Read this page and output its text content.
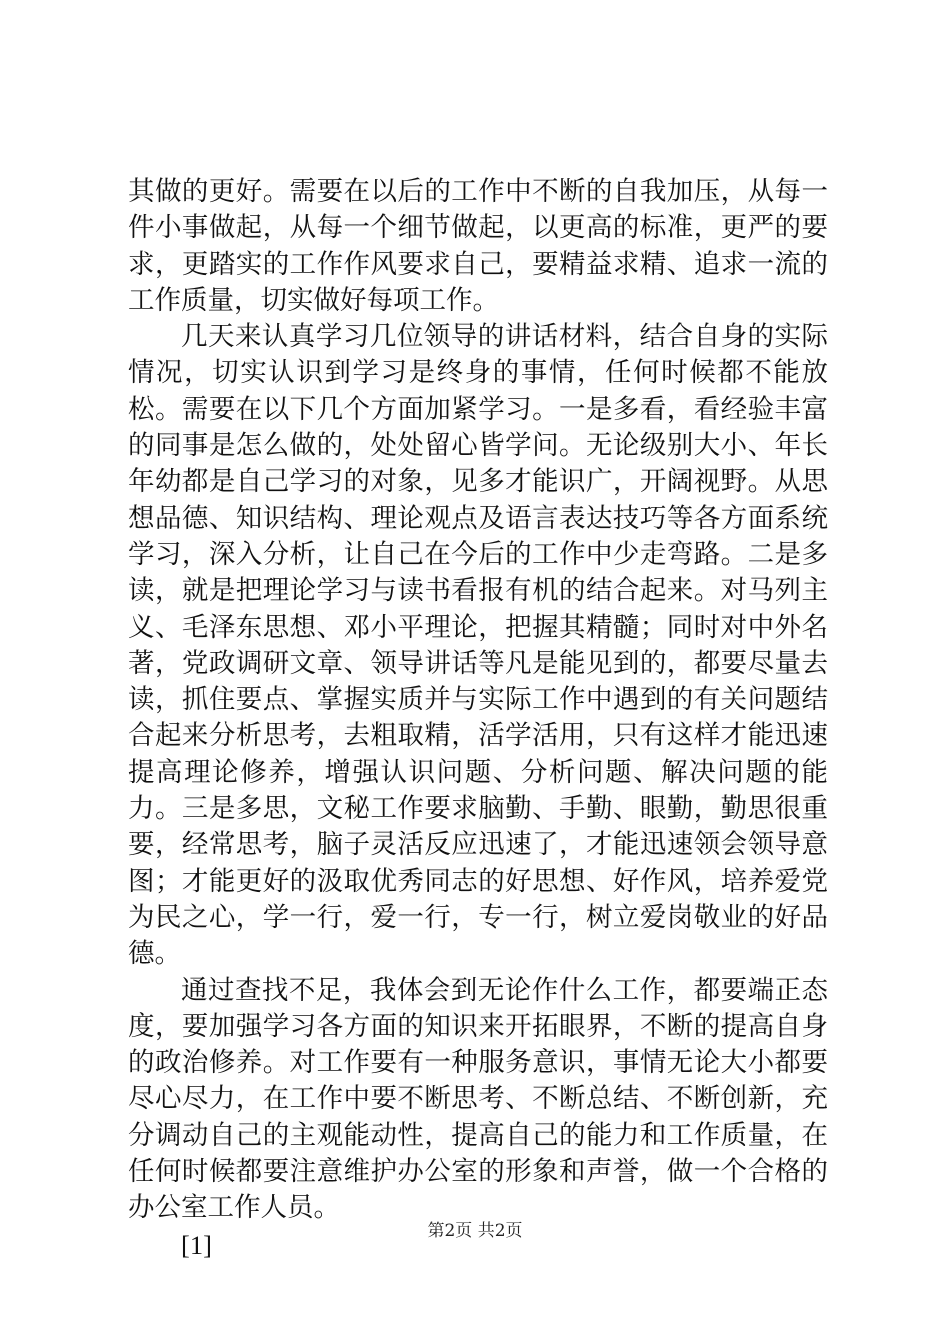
其做的更好。需要在以后的工作中不断的自我加压，从每一件小事做起，从每一个细节做起，以更高的标准，更严的要求，更踏实的工作作风要求自己，要精益求精、追求一流的工作质量，切实做好每项工作。

几天来认真学习几位领导的讲话材料，结合自身的实际情况，切实认识到学习是终身的事情，任何时候都不能放松。需要在以下几个方面加紧学习。一是多看，看经验丰富的同事是怎么做的，处处留心皆学问。无论级别大小、年长年幼都是自己学习的对象，见多才能识广，开阔视野。从思想品德、知识结构、理论观点及语言表达技巧等各方面系统学习，深入分析，让自己在今后的工作中少走弯路。二是多读，就是把理论学习与读书看报有机的结合起来。对马列主义、毛泽东思想、邓小平理论，把握其精髓；同时对中外名著，党政调研文章、领导讲话等凡是能见到的，都要尽量去读，抓住要点、掌握实质并与实际工作中遇到的有关问题结合起来分析思考，去粗取精，活学活用，只有这样才能迅速提高理论修养，增强认识问题、分析问题、解决问题的能力。三是多思，文秘工作要求脑勤、手勤、眼勤，勤思很重要，经常思考，脑子灵活反应迅速了，才能迅速领会领导意图；才能更好的汲取优秀同志的好思想、好作风，培养爱党为民之心，学一行，爱一行，专一行，树立爱岗敬业的好品德。

通过查找不足，我体会到无论作什么工作，都要端正态度，要加强学习各方面的知识来开拓眼界，不断的提高自身的政治修养。对工作要有一种服务意识，事情无论大小都要尽心尽力，在工作中要不断思考、不断总结、不断创新，充分调动自己的主观能动性，提高自己的能力和工作质量，在任何时候都要注意维护办公室的形象和声誉，做一个合格的办公室工作人员。

[1]	第2页 共2页
